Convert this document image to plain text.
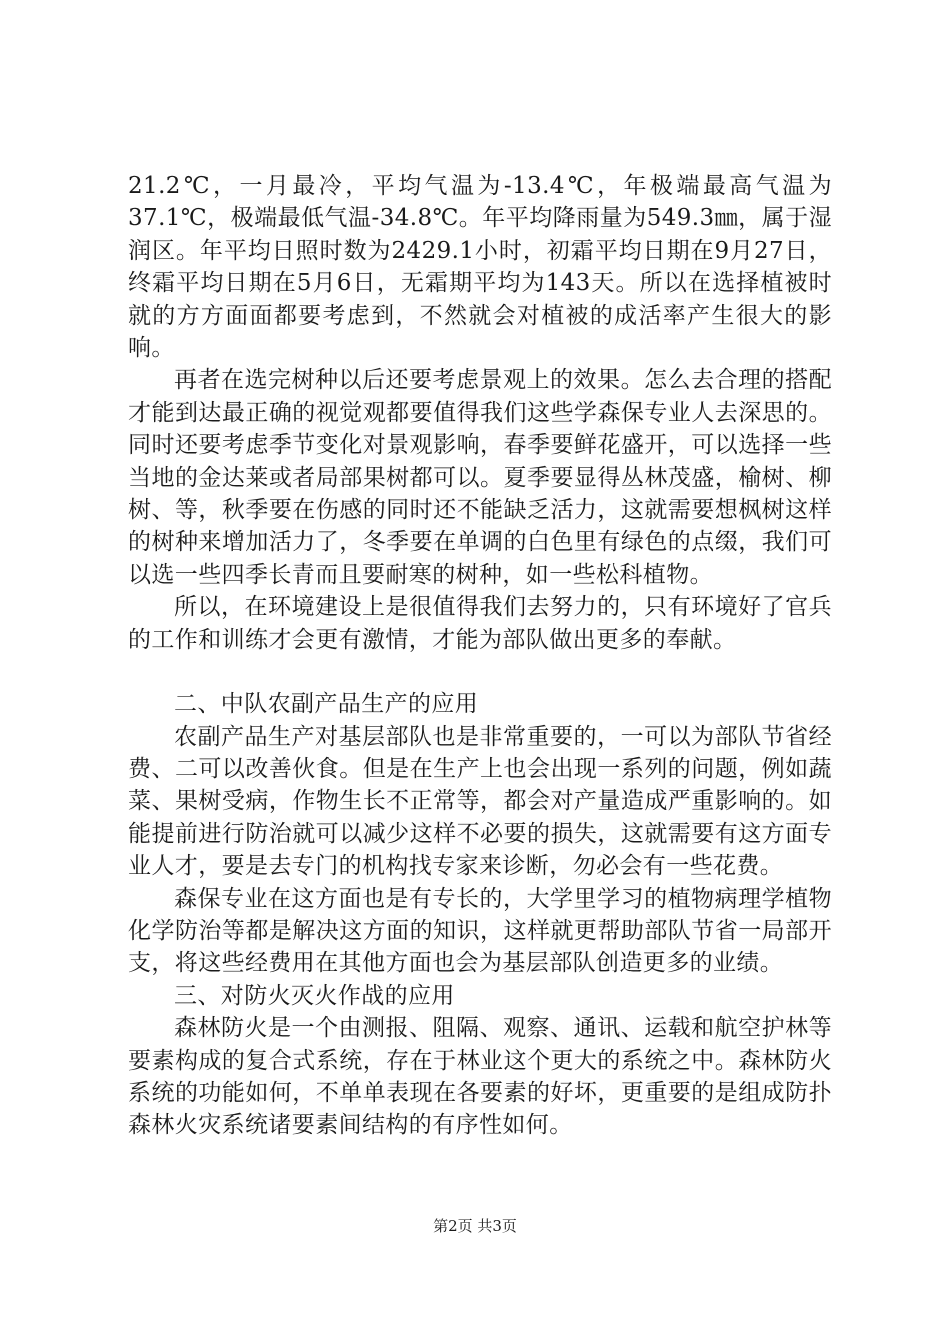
21.2℃，一月最冷，平均气温为-13.4℃，年极端最高气温为37.1℃，极端最低气温-34.8℃。年平均降雨量为549.3㎜，属于湿润区。年平均日照时数为2429.1小时，初霜平均日期在9月27日，终霜平均日期在5月6日，无霜期平均为143天。所以在选择植被时就的方方面面都要考虑到，不然就会对植被的成活率产生很大的影响。

再者在选完树种以后还要考虑景观上的效果。怎么去合理的搭配才能到达最正确的视觉观都要值得我们这些学森保专业人去深思的。同时还要考虑季节变化对景观影响，春季要鲜花盛开，可以选择一些当地的金达莱或者局部果树都可以。夏季要显得丛林茂盛，榆树、柳树、等，秋季要在伤感的同时还不能缺乏活力，这就需要想枫树这样的树种来增加活力了，冬季要在单调的白色里有绿色的点缀，我们可以选一些四季长青而且要耐寒的树种，如一些松科植物。

所以，在环境建设上是很值得我们去努力的，只有环境好了官兵的工作和训练才会更有激情，才能为部队做出更多的奉献。

二、中队农副产品生产的应用

农副产品生产对基层部队也是非常重要的，一可以为部队节省经费、二可以改善伙食。但是在生产上也会出现一系列的问题，例如蔬菜、果树受病，作物生长不正常等，都会对产量造成严重影响的。如能提前进行防治就可以减少这样不必要的损失，这就需要有这方面专业人才，要是去专门的机构找专家来诊断，勿必会有一些花费。

森保专业在这方面也是有专长的，大学里学习的植物病理学植物化学防治等都是解决这方面的知识，这样就更帮助部队节省一局部开支，将这些经费用在其他方面也会为基层部队创造更多的业绩。

三、对防火灭火作战的应用

森林防火是一个由测报、阻隔、观察、通讯、运载和航空护林等要素构成的复合式系统，存在于林业这个更大的系统之中。森林防火系统的功能如何，不单单表现在各要素的好坏，更重要的是组成防扑森林火灾系统诸要素间结构的有序性如何。

第2页 共3页
